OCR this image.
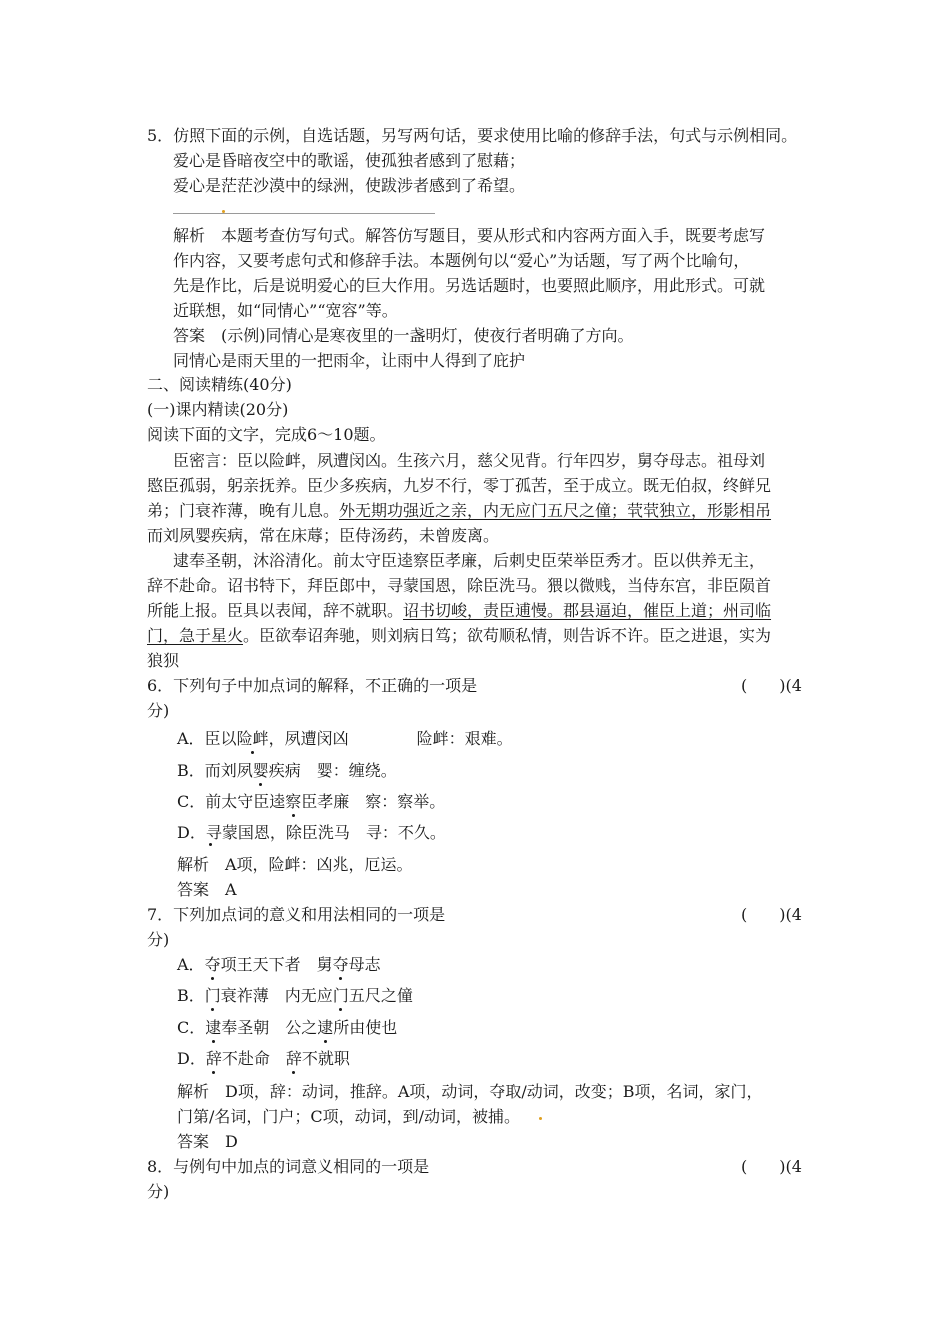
5．仿照下面的示例，自选话题，另写两句话，要求使用比喻的修辞手法，句式与示例相同。
爱心是昏暗夜空中的歌谣，使孤独者感到了慰藉；
爱心是茫茫沙漠中的绿洲，使跋涉者感到了希望。
解析　本题考查仿写句式。解答仿写题目，要从形式和内容两方面入手，既要考虑写
作内容，又要考虑句式和修辞手法。本题例句以“爱心”为话题，写了两个比喻句，
先是作比，后是说明爱心的巨大作用。另选话题时，也要照此顺序，用此形式。可就
近联想，如“同情心”“宽容”等。
答案　(示例)同情心是寒夜里的一盏明灯，使夜行者明确了方向。
同情心是雨天里的一把雨伞，让雨中人得到了庇护
二、阅读精练(40分)
(一)课内精读(20分)
阅读下面的文字，完成6～10题。
臣密言：臣以险衅，夙遭闵凶。生孩六月，慈父见背。行年四岁，舅夺母志。祖母刘
愍臣孤弱，躬亲抚养。臣少多疾病，九岁不行，零丁孤苦，至于成立。既无伯叔，终鲜兄
弟；门衰祚薄，晚有儿息。外无期功强近之亲，内无应门五尺之僮；茕茕独立，形影相吊
而刘夙婴疾病，常在床蓐；臣侍汤药，未曾废离。
逮奉圣朝，沐浴清化。前太守臣逵察臣孝廉，后刺史臣荣举臣秀才。臣以供养无主，
辞不赴命。诏书特下，拜臣郎中，寻蒙国恩，除臣洗马。猥以微贱，当侍东宫，非臣陨首
所能上报。臣具以表闻，辞不就职。诏书切峻，责臣逋慢。郡县逼迫，催臣上道；州司临
门，急于星火。臣欲奉诏奔驰，则刘病日笃；欲苟顺私情，则告诉不许。臣之进退，实为
狼狈
6．下列句子中加点词的解释，不正确的一项是	(　　)(4
分)
A．臣以险衅，夙遭闵凶	险衅：艰难。
B．而刘夙婴疾病　婴：缠绕。
C．前太守臣逵察臣孝廉　察：察举。
D．寻蒙国恩，除臣洗马　寻：不久。
解析　A项，险衅：凶兆，厄运。
答案　A
7．下列加点词的意义和用法相同的一项是	(　　)(4
分)
A．夺项王天下者　舅夺母志
B．门衰祚薄　内无应门五尺之僮
C．逮奉圣朝　公之逮所由使也
D．辞不赴命　辞不就职
解析　D项，辞：动词，推辞。A项，动词，夺取/动词，改变；B项，名词，家门，
门第/名词，门户；C项，动词，到/动词，被捕。
答案　D
8．与例句中加点的词意义相同的一项是	(　　)(4
分)
